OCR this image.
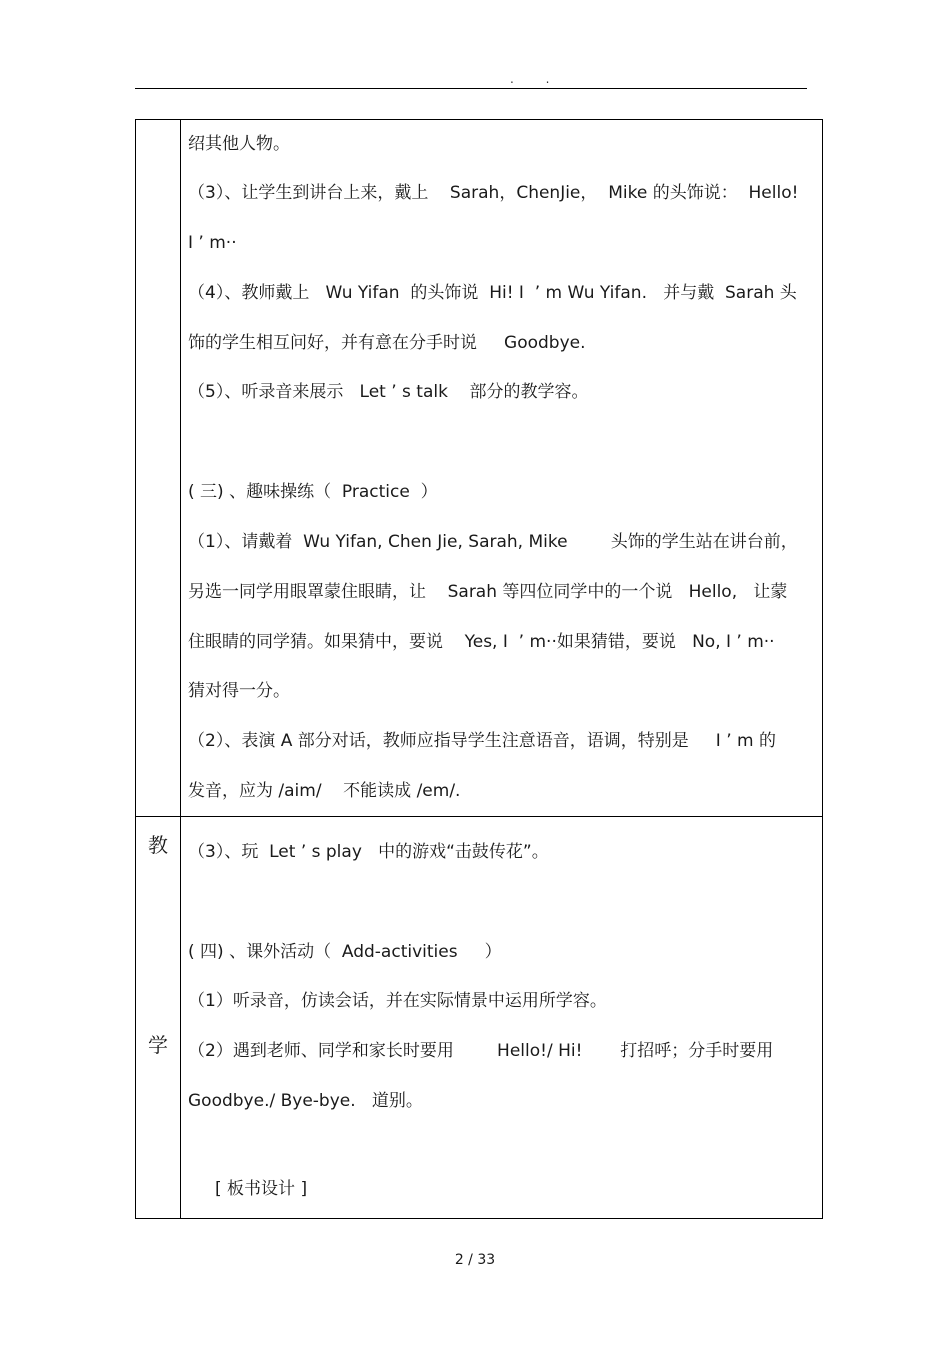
. .
教
学
绍其他人物。
（3）、让学生到讲台上来，戴上    Sarah，ChenJie，  Mike 的头饰说：  Hello!
I ’ m··
（4）、教师戴上   Wu Yifan  的头饰说  Hi! I  ’ m Wu Yifan.   并与戴  Sarah 头
饰的学生相互问好，并有意在分手时说     Goodbye.
（5）、听录音来展示   Let ’ s talk    部分的教学容。
( 三) 、趣味操练（  Practice  ）
（1）、请戴着  Wu Yifan, Chen Jie, Sarah, Mike        头饰的学生站在讲台前，
另选一同学用眼罩蒙住眼睛，让    Sarah 等四位同学中的一个说   Hello,   让蒙
住眼睛的同学猜。如果猜中，要说    Yes, I  ’ m··如果猜错，要说   No, I ’ m··
猜对得一分。
（2）、表演 A 部分对话，教师应指导学生注意语音，语调，特别是     I ’ m 的
发音，应为 /aim/    不能读成 /em/.
（3）、玩  Let ’ s play   中的游戏“击鼓传花”。
( 四) 、课外活动（  Add-activities     ）
（1）听录音，仿读会话，并在实际情景中运用所学容。
（2）遇到老师、同学和家长时要用        Hello!/ Hi!       打招呼；分手时要用
Goodbye./ Bye-bye.   道别。
[ 板书设计 ]
2 / 33
